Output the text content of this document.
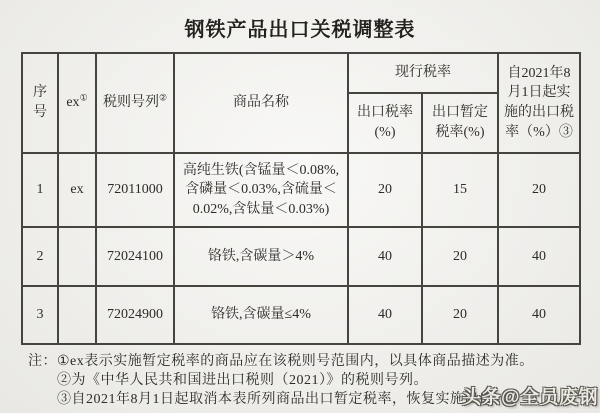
钢铁产品出口关税调整表
序号	ex①	税则号列②	商品名称	现行税率		自2021年8月1日起实施的出口税率（%）③
				出口税率(%)	出口暂定税率(%)	
1	ex	72011000	高纯生铁(含锰量＜0.08%,含磷量＜0.03%,含硫量＜0.02%,含钛量＜0.03%)	20	15	20
2		72024100	铬铁,含碳量＞4%	40	20	40
3		72024900	铬铁,含碳量≤4%	40	20	40
注： ①ex表示实施暂定税率的商品应在该税则号范围内，以具体商品描述为准。
②为《中华人民共和国进出口税则（2021）》的税则号列。
③自2021年8月1日起取消本表所列商品出口暂定税率，恢复实施出口
头条@全员废钢
